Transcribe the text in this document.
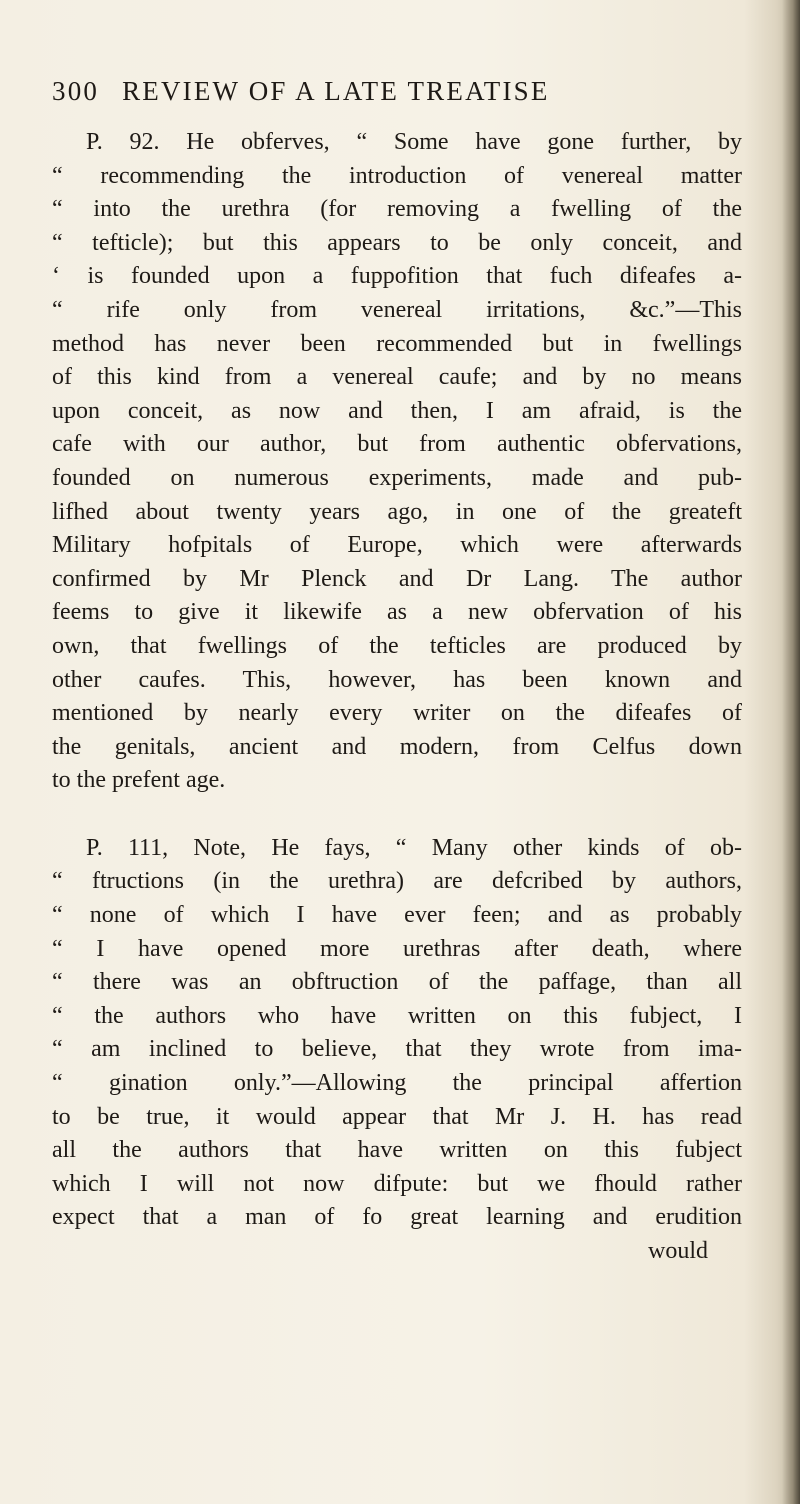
300 REVIEW OF A LATE TREATISE
P. 92. He obferves, “ Some have gone further, by
“ recommending the introduction of venereal matter
“ into the urethra (for removing a fwelling of the
“ tefticle); but this appears to be only conceit, and
‘ is founded upon a fuppofition that fuch difeafes a-
“ rife only from venereal irritations, &c.”—This
method has never been recommended but in fwellings
of this kind from a venereal caufe; and by no means
upon conceit, as now and then, I am afraid, is the
cafe with our author, but from authentic obfervations,
founded on numerous experiments, made and pub-
lifhed about twenty years ago, in one of the greateft
Military hofpitals of Europe, which were afterwards
confirmed by Mr Plenck and Dr Lang. The author
feems to give it likewife as a new obfervation of his
own, that fwellings of the tefticles are produced by
other caufes. This, however, has been known and
mentioned by nearly every writer on the difeafes of
the genitals, ancient and modern, from Celfus down
to the prefent age.
P. 111, Note, He fays, “ Many other kinds of ob-
“ ftructions (in the urethra) are defcribed by authors,
“ none of which I have ever feen; and as probably
“ I have opened more urethras after death, where
“ there was an obftruction of the paffage, than all
“ the authors who have written on this fubject, I
“ am inclined to believe, that they wrote from ima-
“ gination only.”—Allowing the principal affertion
to be true, it would appear that Mr J. H. has read
all the authors that have written on this fubject
which I will not now difpute: but we fhould rather
expect that a man of fo great learning and erudition
would
